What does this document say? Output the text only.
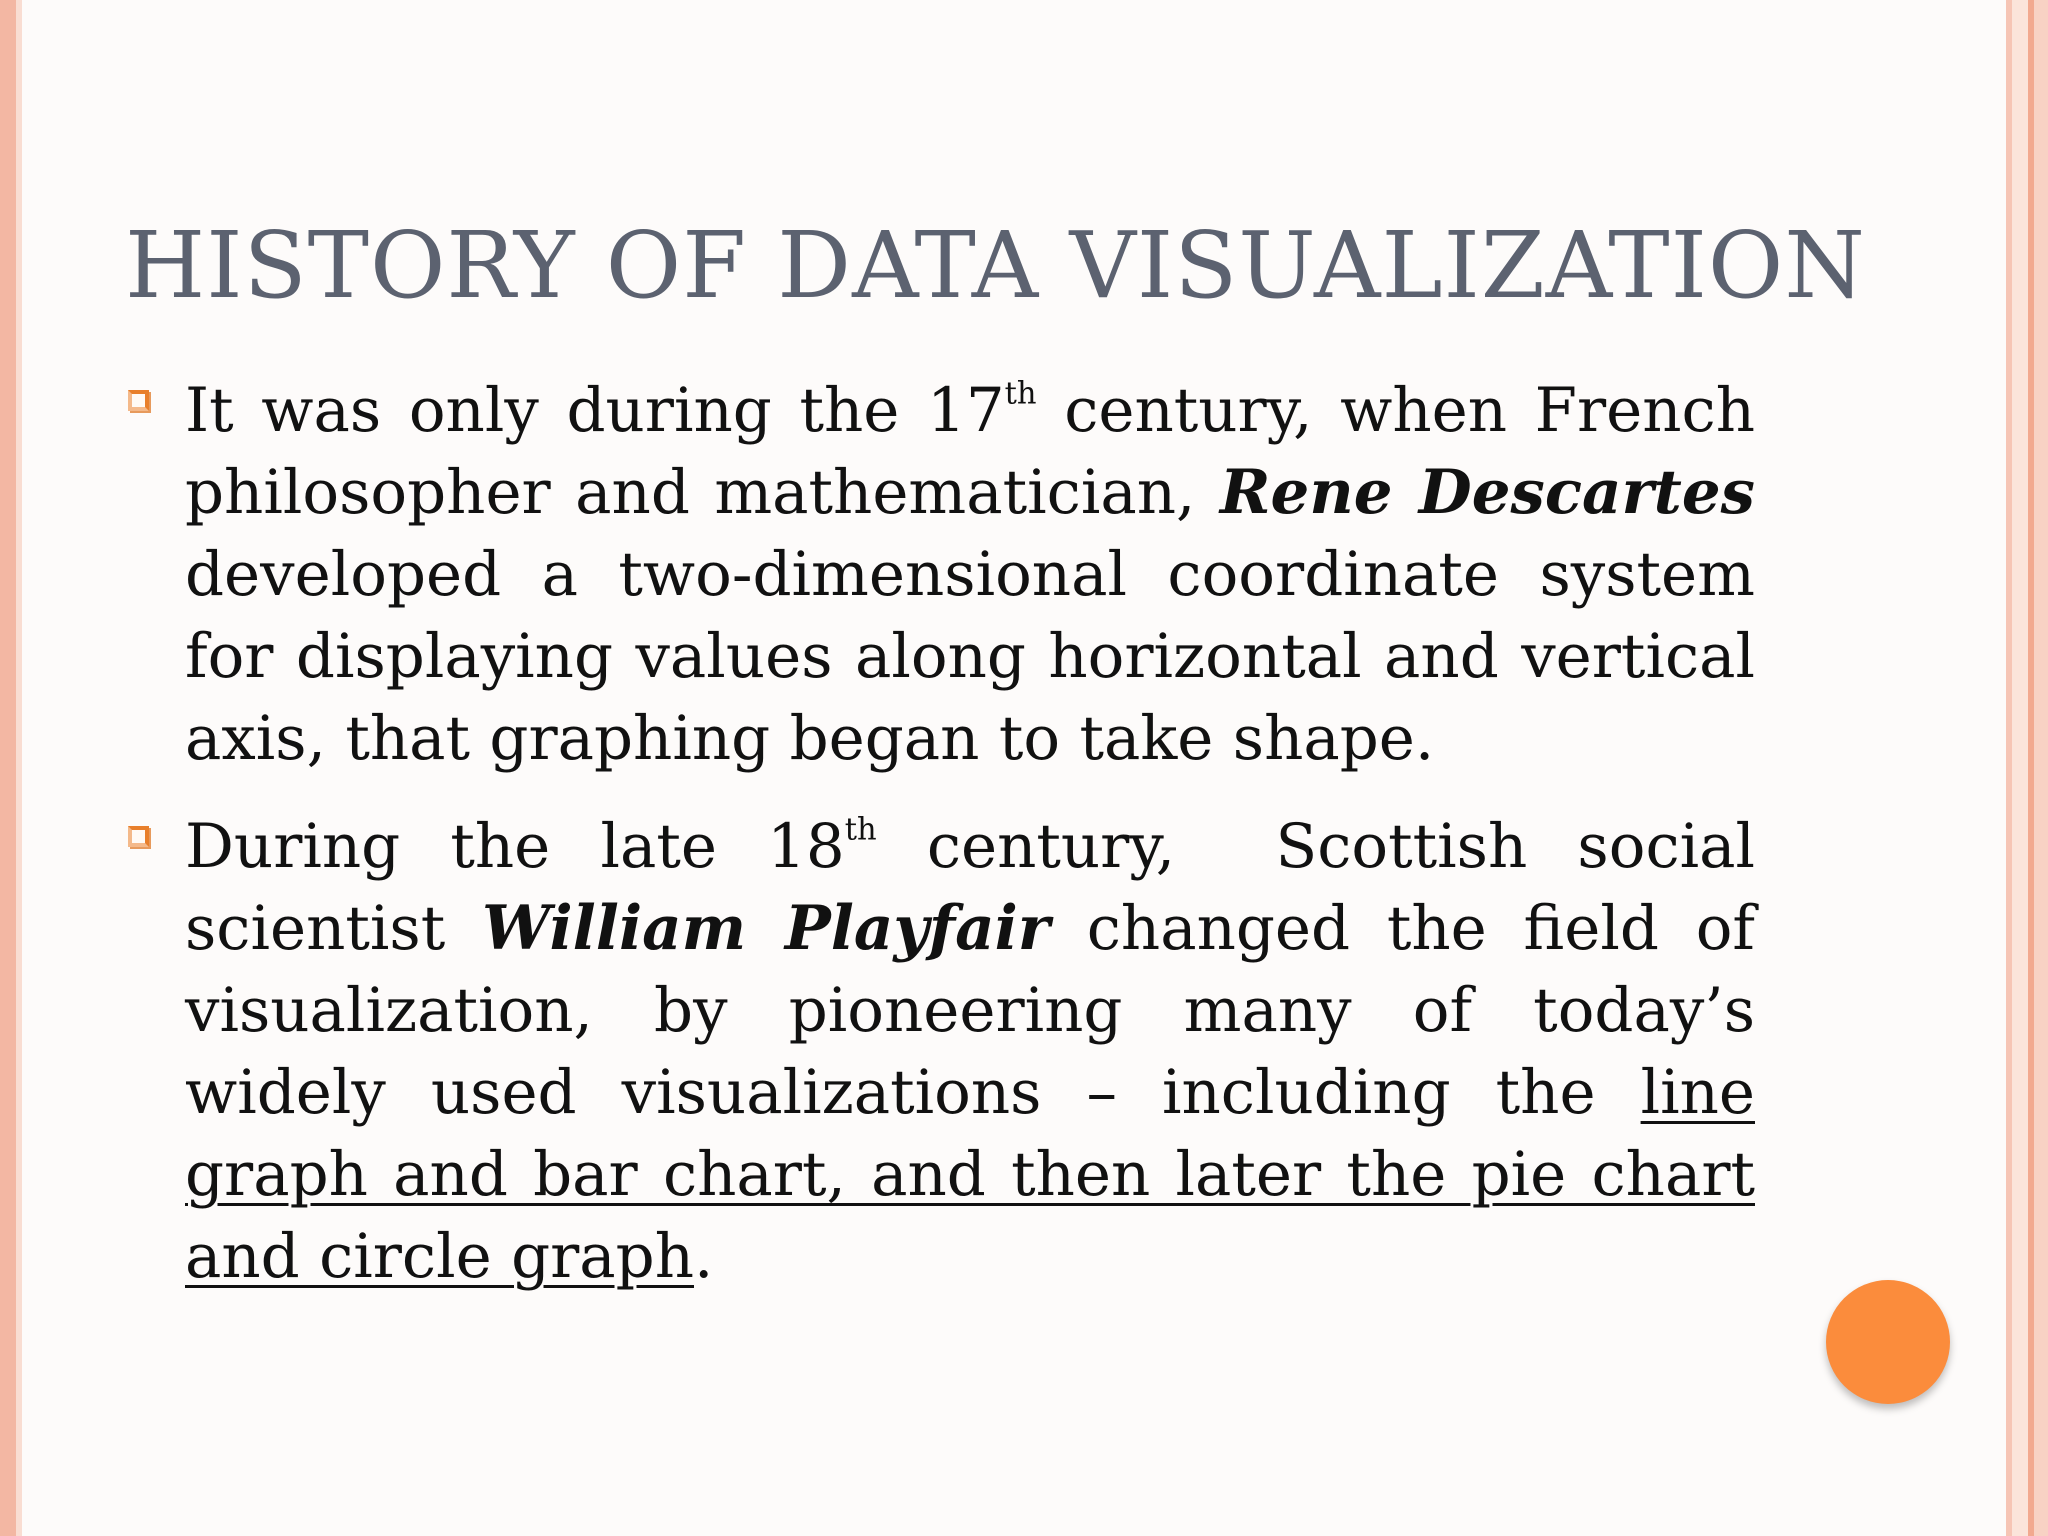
HISTORY OF DATA VISUALIZATION
It was only during the 17th century, when French philosopher and mathematician, Rene Descartes developed a two-dimensional coordinate system for displaying values along horizontal and vertical axis, that graphing began to take shape.
During the late 18th century,  Scottish social scientist William Playfair changed the field of visualization, by pioneering many of today’s widely used visualizations – including the line graph and bar chart, and then later the pie chart and circle graph.
